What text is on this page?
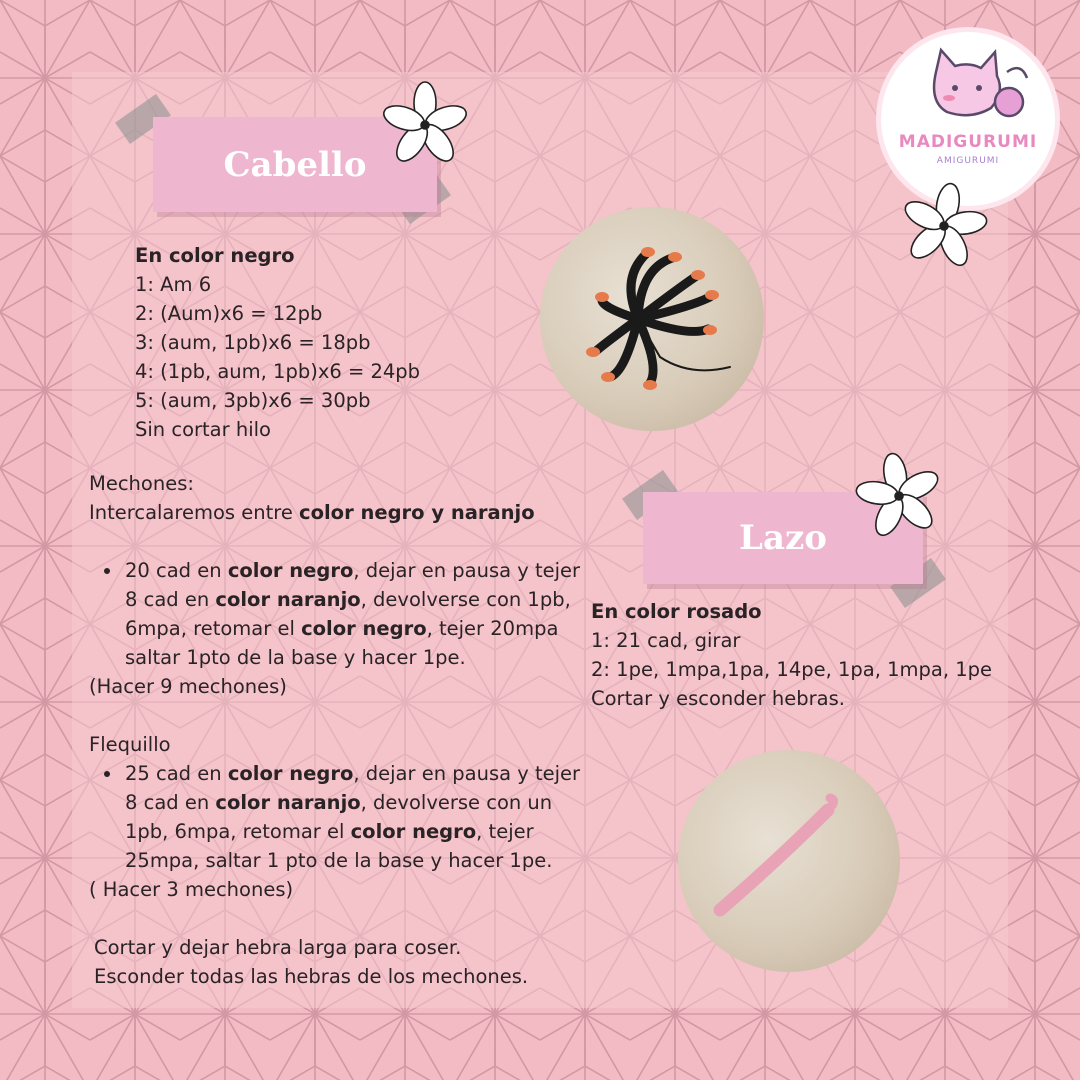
Cabello

En color negro

1: Am 6

2: (Aum)x6 = 12pb

3: (aum, 1pb)x6 = 18pb

4: (1pb, aum, 1pb)x6 = 24pb

5: (aum, 3pb)x6 = 30pb

Sin cortar hilo

Mechones:

Intercalaremos entre color negro y naranjo

20 cad en color negro, dejar en pausa y tejer
8 cad en color naranjo, devolverse con 1pb,
6mpa, retomar el color negro, tejer 20mpa
saltar 1pto de la base y hacer 1pe.

(Hacer 9 mechones)

Flequillo

25 cad en color negro, dejar en pausa y tejer
8 cad en color naranjo, devolverse con un
1pb, 6mpa, retomar el color negro, tejer
25mpa, saltar 1 pto de la base y hacer 1pe.

( Hacer 3 mechones)

Cortar y dejar hebra larga para coser.

Esconder todas las hebras de los mechones.

MADIGURUMI
AMIGURUMI
Lazo

En color rosado

1: 21 cad, girar

2: 1pe, 1mpa,1pa, 14pe, 1pa, 1mpa, 1pe

Cortar y esconder hebras.
